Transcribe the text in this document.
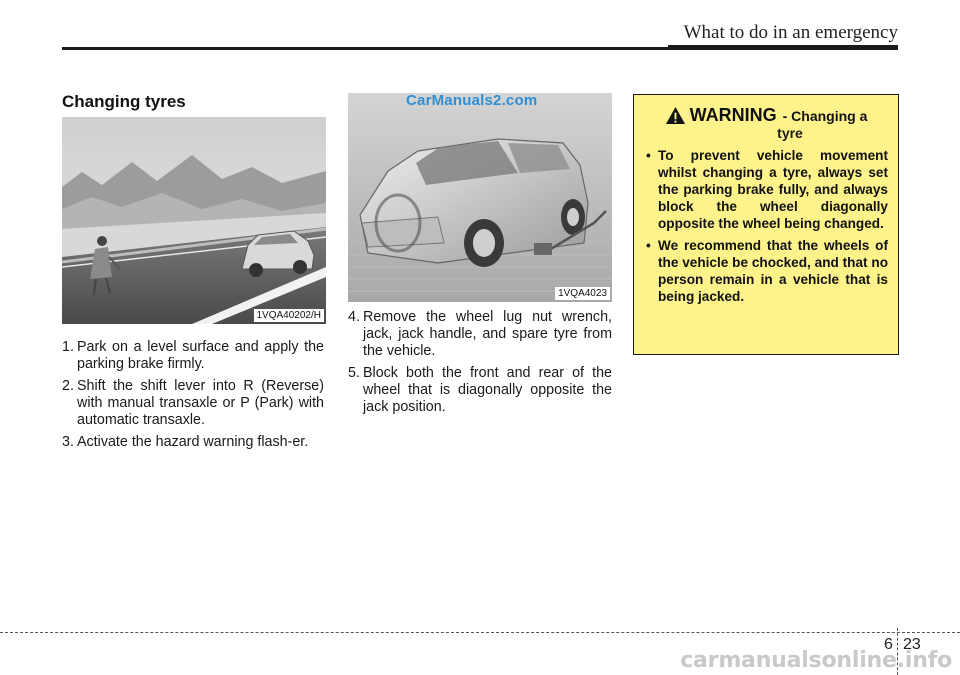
What to do in an emergency
Changing tyres
1VQA40202/H
1VQA4023
CarManuals2.com
1. Park on a level surface and apply the parking brake firmly.
2. Shift the shift lever into R (Reverse) with manual transaxle or P (Park) with automatic transaxle.
3. Activate the hazard warning flash-er.
4. Remove the wheel lug nut wrench, jack, jack handle, and spare tyre from the vehicle.
5. Block both the front and rear of the wheel that is diagonally opposite the jack position.
WARNING - Changing a
tyre
• To prevent vehicle movement whilst changing a tyre, always set the parking brake fully, and always block the wheel diagonally opposite the wheel being changed.
• We recommend that the wheels of the vehicle be chocked, and that no person remain in a vehicle that is being jacked.
6 23
carmanualsonline.info
